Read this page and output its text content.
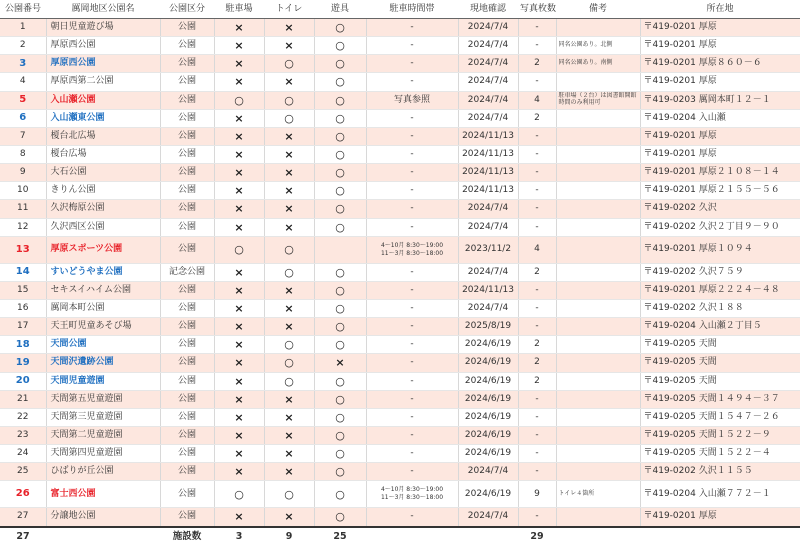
公園番号	厲岡地区公園名	公園区分	駐車場	トイレ	遊具	駐車時間帯	現地確認	写真枚数	備考	所在地
1	朝日児童遊び場	公園	×	×	○	-	2024/7/4	-		〒419-0201 厚原
2	厚原西公園	公園	×	×	○	-	2024/7/4	-	同名公園あり。北側	〒419-0201 厚原
3	厚原西公園	公園	×	○	○	-	2024/7/4	2	同名公園あり。南側	〒419-0201 厚原８６０－６
4	厚原西第二公園	公園	×	×	○	-	2024/7/4	-		〒419-0201 厚原
5	入山瀬公園	公園	○	○	○	写真参照	2024/7/4	4	駐車場（２台）は図書館開館時間のみ利用可	〒419-0203 厲岡本町１２－１
6	入山瀬東公園	公園	×	○	○	-	2024/7/4	2		〒419-0204 入山瀬
7	榎台北広場	公園	×	×	○	-	2024/11/13	-		〒419-0201 厚原
8	榎台広場	公園	×	×	○	-	2024/11/13	-		〒419-0201 厚原
9	大石公園	公園	×	×	○	-	2024/11/13	-		〒419-0201 厚原２１０８－１４
10	きりん公園	公園	×	×	○	-	2024/11/13	-		〒419-0201 厚原２１５５－５６
11	久沢梅原公園	公園	×	×	○	-	2024/7/4	-		〒419-0202 久沢
12	久沢西区公園	公園	×	×	○	-	2024/7/4	-		〒419-0202 久沢２丁目９－９０
13	厚原スポーツ公園	公園	○	○		4～10月 8:30～19:00
11～3月 8:30～18:00	2023/11/2	4		〒419-0201 厚原１０９４
14	すいどうやま公園	記念公園	×	○	○	-	2024/7/4	2		〒419-0202 久沢７５９
15	セキスイハイム公園	公園	×	×	○	-	2024/11/13	-		〒419-0201 厚原２２２４－４８
16	厲岡本町公園	公園	×	×	○	-	2024/7/4	-		〒419-0202 久沢１８８
17	天王町児童あそび場	公園	×	×	○	-	2025/8/19	-		〒419-0204 入山瀬２丁目５
18	天間公園	公園	×	○	○	-	2024/6/19	2		〒419-0205 天間
19	天間沢遺跡公園	公園	×	○	×	-	2024/6/19	2		〒419-0205 天間
20	天間児童遊園	公園	×	○	○	-	2024/6/19	2		〒419-0205 天間
21	天間第五児童遊園	公園	×	×	○	-	2024/6/19	-		〒419-0205 天間１４９４－３７
22	天間第三児童遊園	公園	×	×	○	-	2024/6/19	-		〒419-0205 天間１５４７－２６
23	天間第二児童遊園	公園	×	×	○	-	2024/6/19	-		〒419-0205 天間１５２２－９
24	天間第四児童遊園	公園	×	×	○	-	2024/6/19	-		〒419-0205 天間１５２２－４
25	ひばりが丘公園	公園	×	×	○	-	2024/7/4	-		〒419-0202 久沢１１５５
26	富士西公園	公園	○	○	○	4～10月 8:30～19:00
11～3月 8:30～18:00	2024/6/19	9	トイレ４箇所	〒419-0204 入山瀬７７２－１
27	分譲地公園	公園	×	×	○	-	2024/7/4	-		〒419-0201 厚原
27		施設数	3	9	25			29		
